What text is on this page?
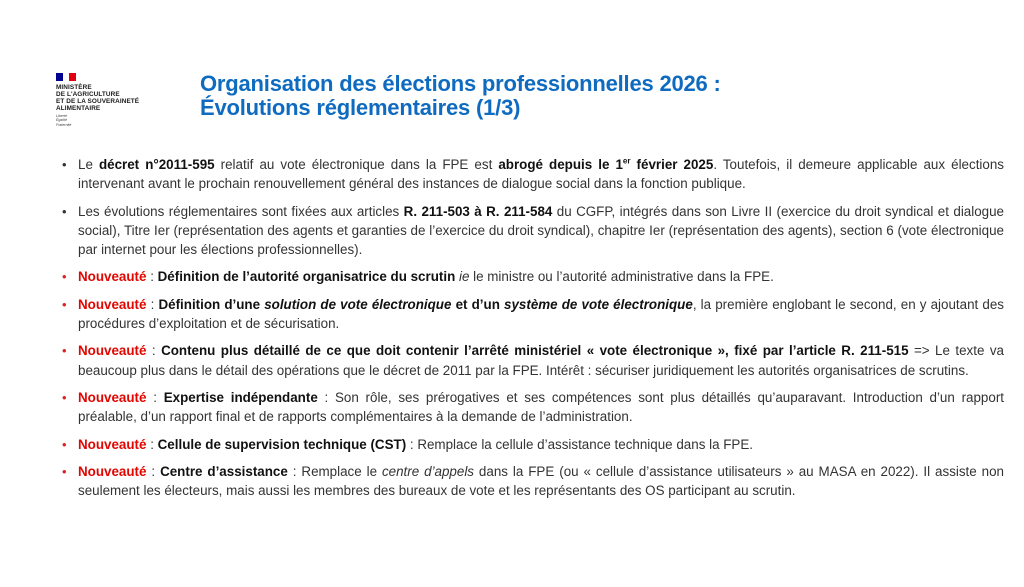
MINISTÈRE
DE L'AGRICULTURE
ET DE LA SOUVERAINETÉ
ALIMENTAIRE
Liberté
Égalité
Fraternité
Organisation des élections professionnelles 2026 :
Évolutions réglementaires (1/3)
• Le décret n°2011-595 relatif au vote électronique dans la FPE est abrogé depuis le 1er février 2025. Toutefois, il demeure applicable aux élections intervenant avant le prochain renouvellement général des instances de dialogue social dans la fonction publique.
• Les évolutions réglementaires sont fixées aux articles R. 211-503 à R. 211-584 du CGFP, intégrés dans son Livre II (exercice du droit syndical et dialogue social), Titre Ier (représentation des agents et garanties de l’exercice du droit syndical), chapitre Ier (représentation des agents), section 6 (vote électronique par internet pour les élections professionnelles).
• Nouveauté : Définition de l’autorité organisatrice du scrutin ie le ministre ou l’autorité administrative dans la FPE.
• Nouveauté : Définition d’une solution de vote électronique et d’un système de vote électronique, la première englobant le second, en y ajoutant des procédures d’exploitation et de sécurisation.
• Nouveauté : Contenu plus détaillé de ce que doit contenir l’arrêté ministériel « vote électronique », fixé par l’article R. 211-515 => Le texte va beaucoup plus dans le détail des opérations que le décret de 2011 par la FPE. Intérêt : sécuriser juridiquement les autorités organisatrices de scrutins.
• Nouveauté : Expertise indépendante : Son rôle, ses prérogatives et ses compétences sont plus détaillés qu’auparavant. Introduction d’un rapport préalable, d’un rapport final et de rapports complémentaires à la demande de l’administration.
• Nouveauté : Cellule de supervision technique (CST) : Remplace la cellule d’assistance technique dans la FPE.
• Nouveauté : Centre d’assistance : Remplace le centre d’appels dans la FPE (ou « cellule d’assistance utilisateurs » au MASA en 2022). Il assiste non seulement les électeurs, mais aussi les membres des bureaux de vote et les représentants des OS participant au scrutin.
